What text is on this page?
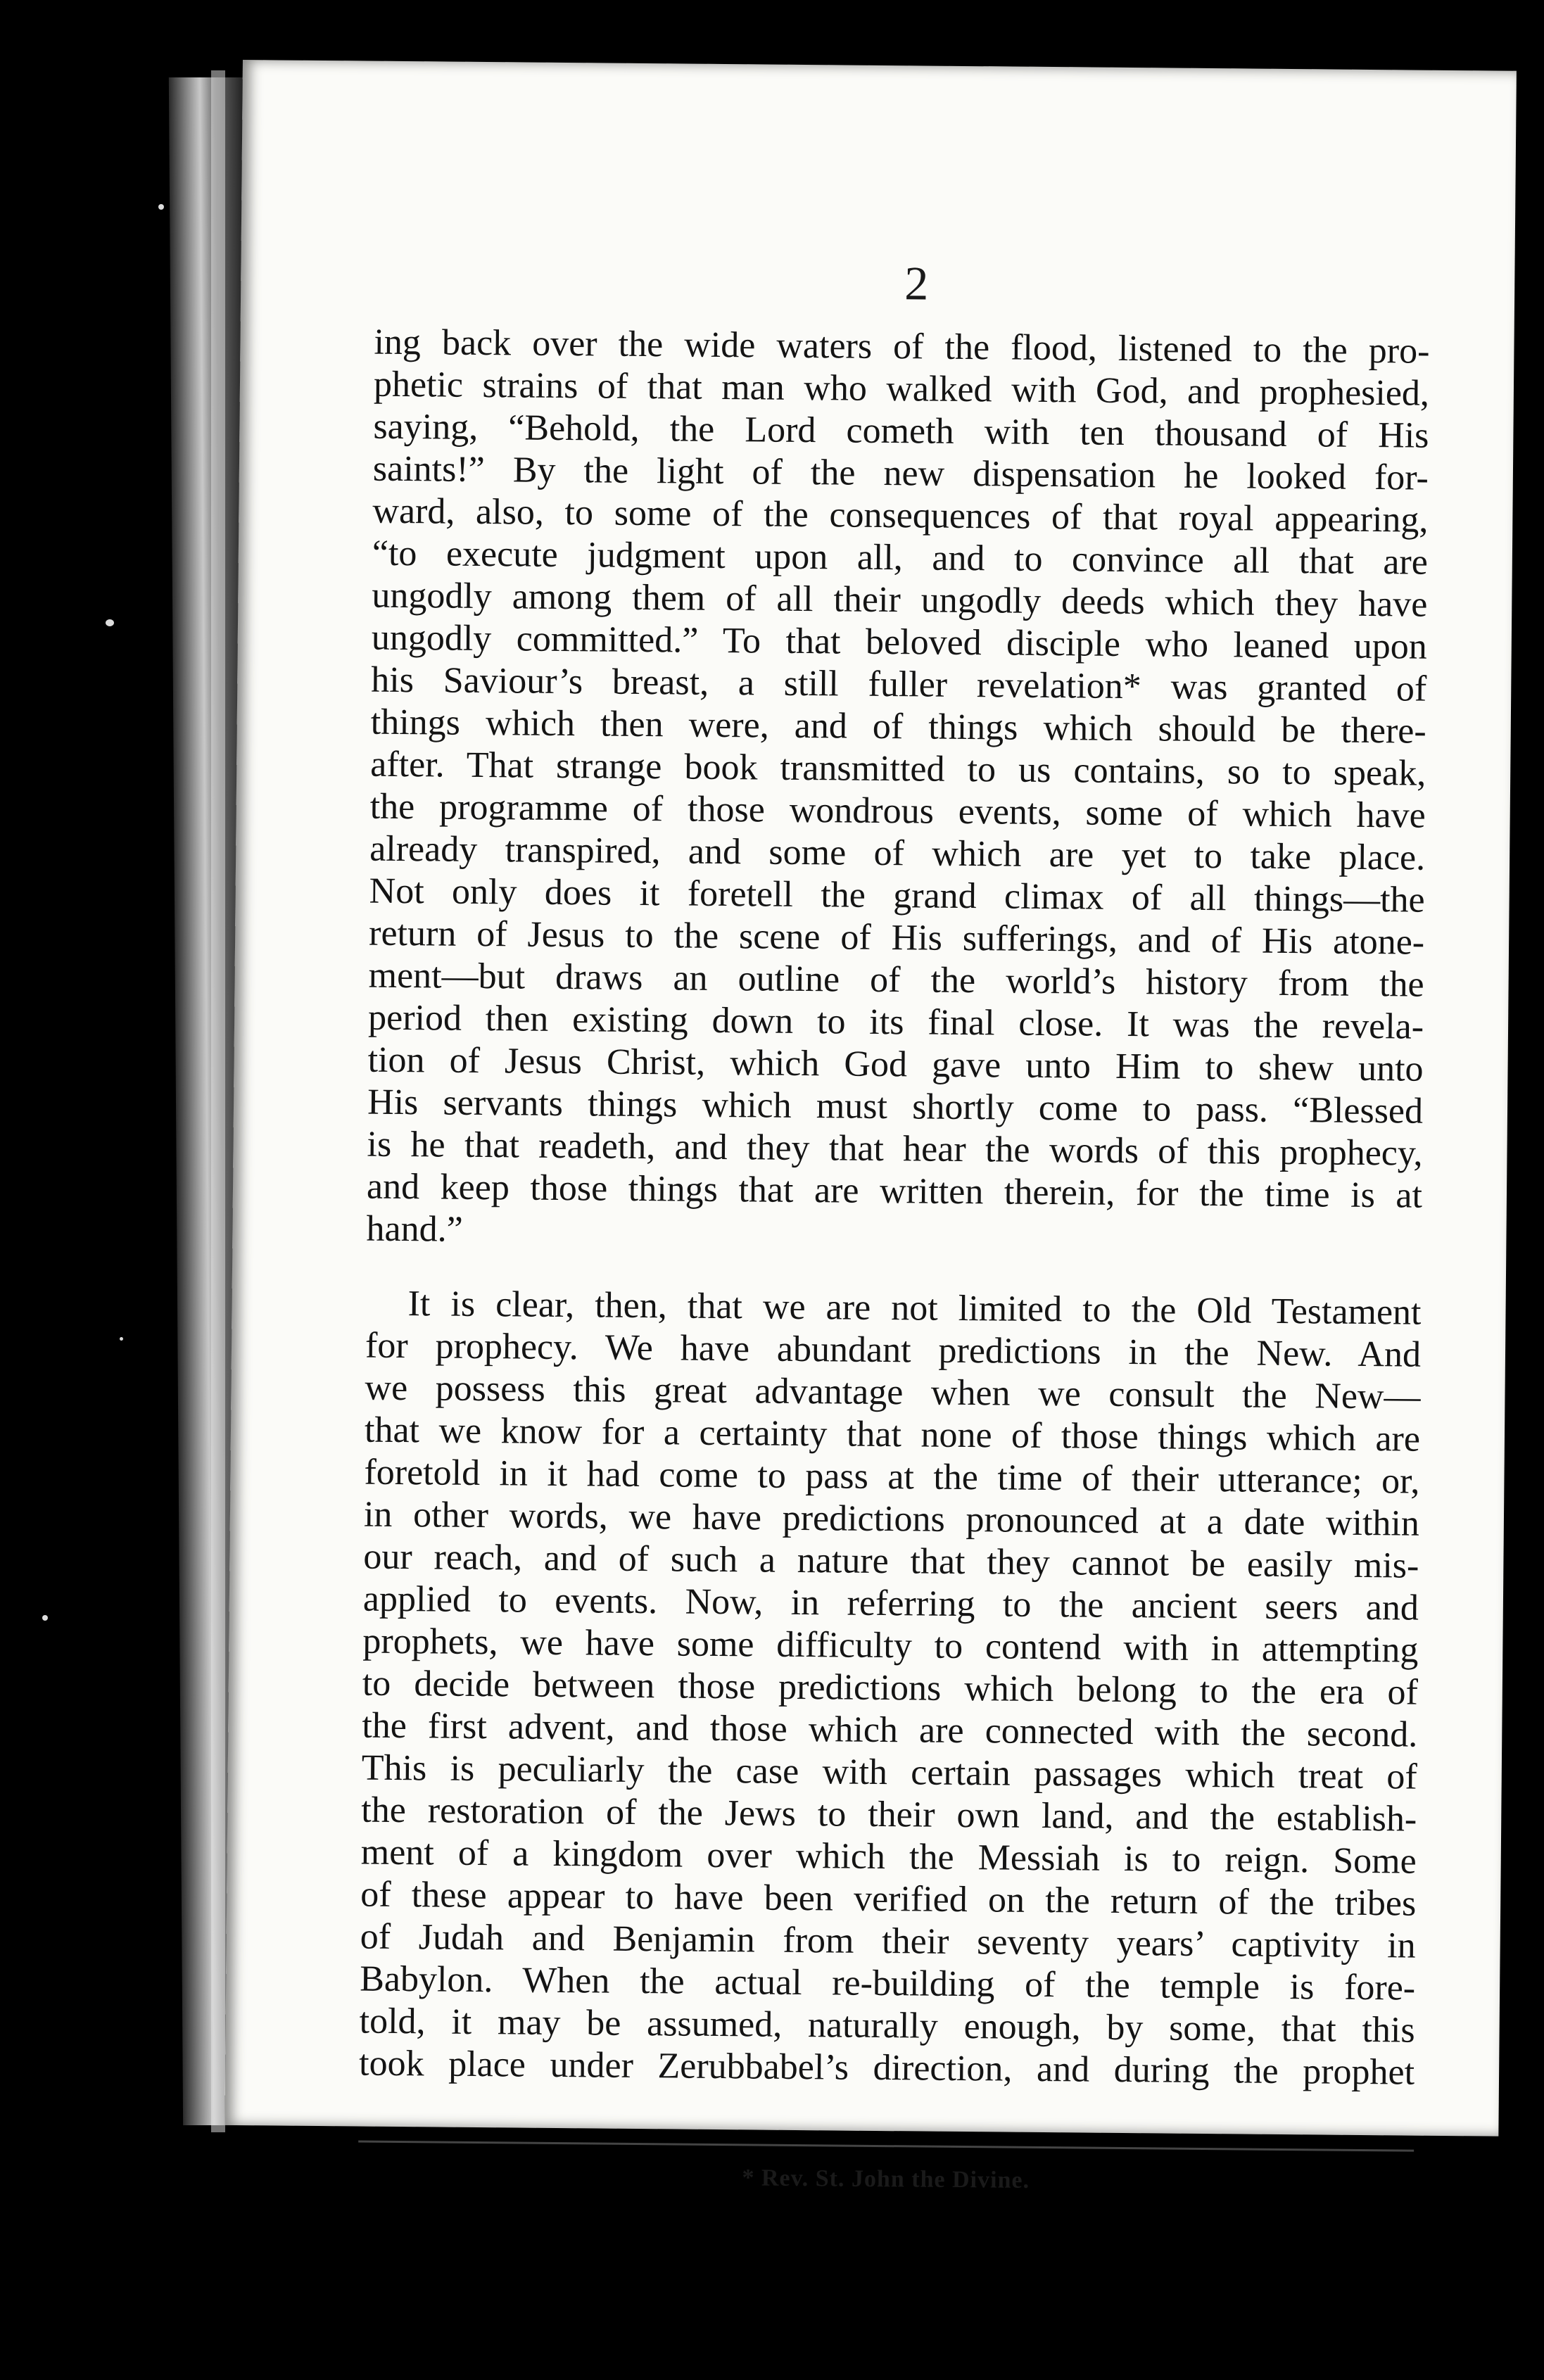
2
ing back over the wide waters of the flood, listened to the pro-
phetic strains of that man who walked with God, and prophesied,
saying, “Behold, the Lord cometh with ten thousand of His
saints!” By the light of the new dispensation he looked for-
ward, also, to some of the consequences of that royal appearing,
“to execute judgment upon all, and to convince all that are
ungodly among them of all their ungodly deeds which they have
ungodly committed.” To that beloved disciple who leaned upon
his Saviour’s breast, a still fuller revelation* was granted of
things which then were, and of things which should be there-
after. That strange book transmitted to us contains, so to speak,
the programme of those wondrous events, some of which have
already transpired, and some of which are yet to take place.
Not only does it foretell the grand climax of all things—the
return of Jesus to the scene of His sufferings, and of His atone-
ment—but draws an outline of the world’s history from the
period then existing down to its final close. It was the revela-
tion of Jesus Christ, which God gave unto Him to shew unto
His servants things which must shortly come to pass. “Blessed
is he that readeth, and they that hear the words of this prophecy,
and keep those things that are written therein, for the time is at
hand.”
It is clear, then, that we are not limited to the Old Testament
for prophecy. We have abundant predictions in the New. And
we possess this great advantage when we consult the New—
that we know for a certainty that none of those things which are
foretold in it had come to pass at the time of their utterance; or,
in other words, we have predictions pronounced at a date within
our reach, and of such a nature that they cannot be easily mis-
applied to events. Now, in referring to the ancient seers and
prophets, we have some difficulty to contend with in attempting
to decide between those predictions which belong to the era of
the first advent, and those which are connected with the second.
This is peculiarly the case with certain passages which treat of
the restoration of the Jews to their own land, and the establish-
ment of a kingdom over which the Messiah is to reign. Some
of these appear to have been verified on the return of the tribes
of Judah and Benjamin from their seventy years’ captivity in
Babylon. When the actual re-building of the temple is fore-
told, it may be assumed, naturally enough, by some, that this
took place under Zerubbabel’s direction, and during the prophet
* Rev. St. John the Divine.
